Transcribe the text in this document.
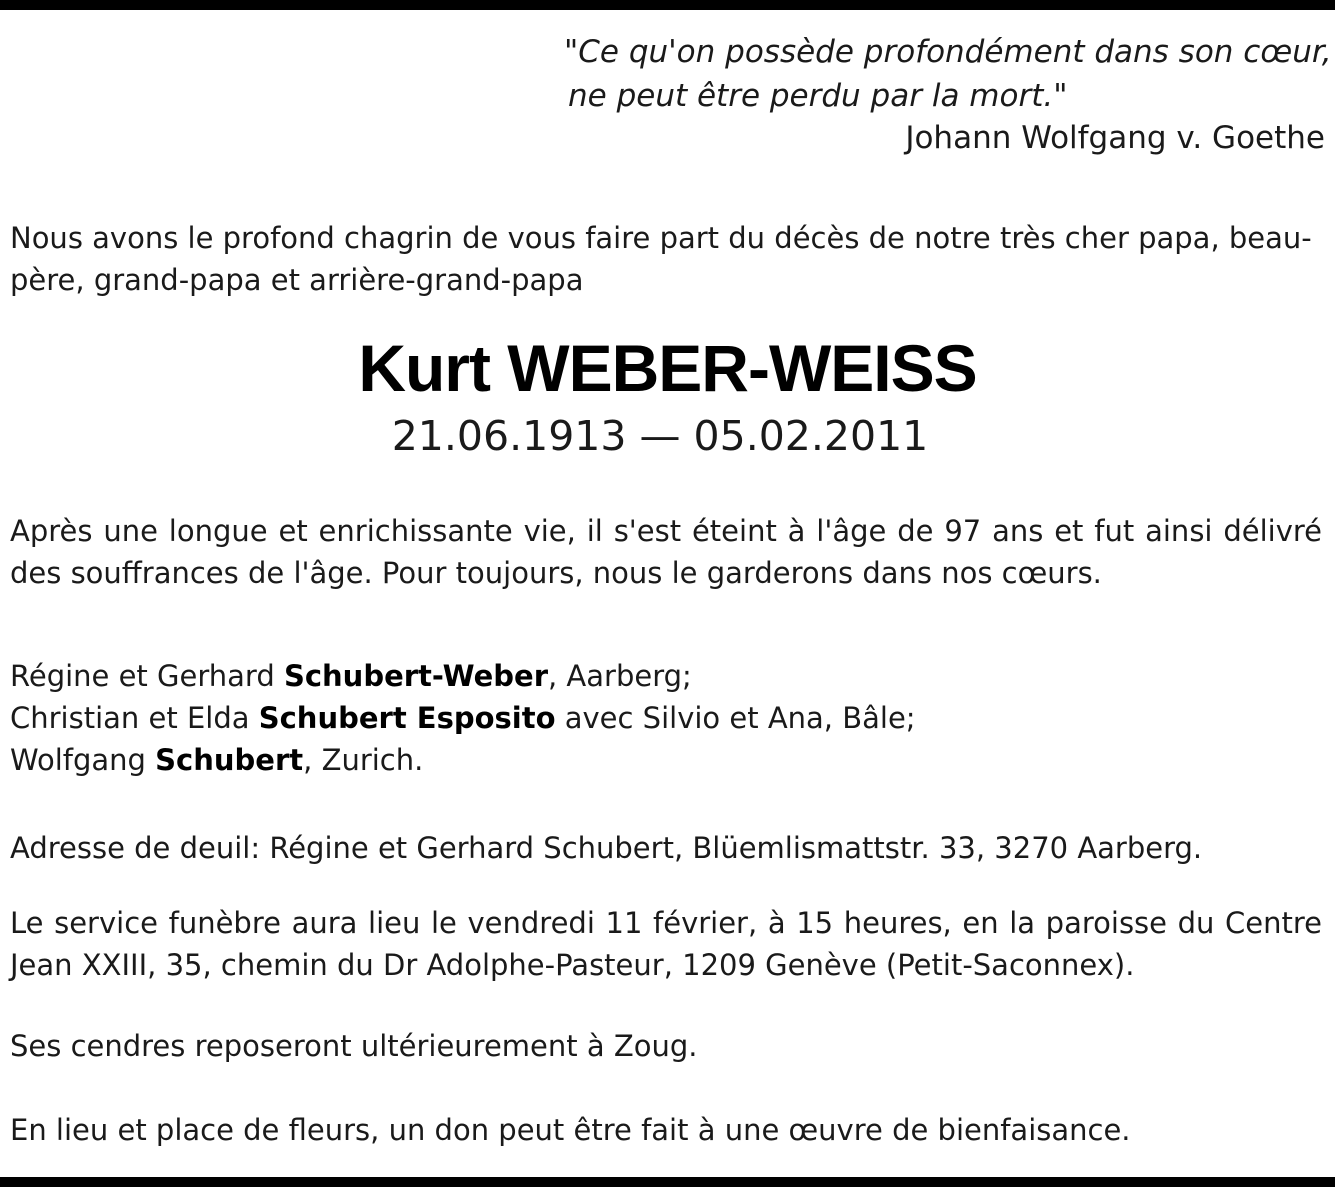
"Ce qu'on possède profondément dans son cœur,
ne peut être perdu par la mort."
Johann Wolfgang v. Goethe

Nous avons le profond chagrin de vous faire part du décès de notre très cher papa, beau-père, grand-papa et arrière-grand-papa

Kurt WEBER-WEISS
21.06.1913 — 05.02.2011

Après une longue et enrichissante vie, il s'est éteint à l'âge de 97 ans et fut ainsi délivré des souffrances de l'âge. Pour toujours, nous le garderons dans nos cœurs.

Régine et Gerhard Schubert-Weber, Aarberg;
Christian et Elda Schubert Esposito avec Silvio et Ana, Bâle;
Wolfgang Schubert, Zurich.

Adresse de deuil: Régine et Gerhard Schubert, Blüemlismattstr. 33, 3270 Aarberg.

Le service funèbre aura lieu le vendredi 11 février, à 15 heures, en la paroisse du Centre Jean XXIII, 35, chemin du Dr Adolphe-Pasteur, 1209 Genève (Petit-Saconnex).

Ses cendres reposeront ultérieurement à Zoug.

En lieu et place de fleurs, un don peut être fait à une œuvre de bienfaisance.
